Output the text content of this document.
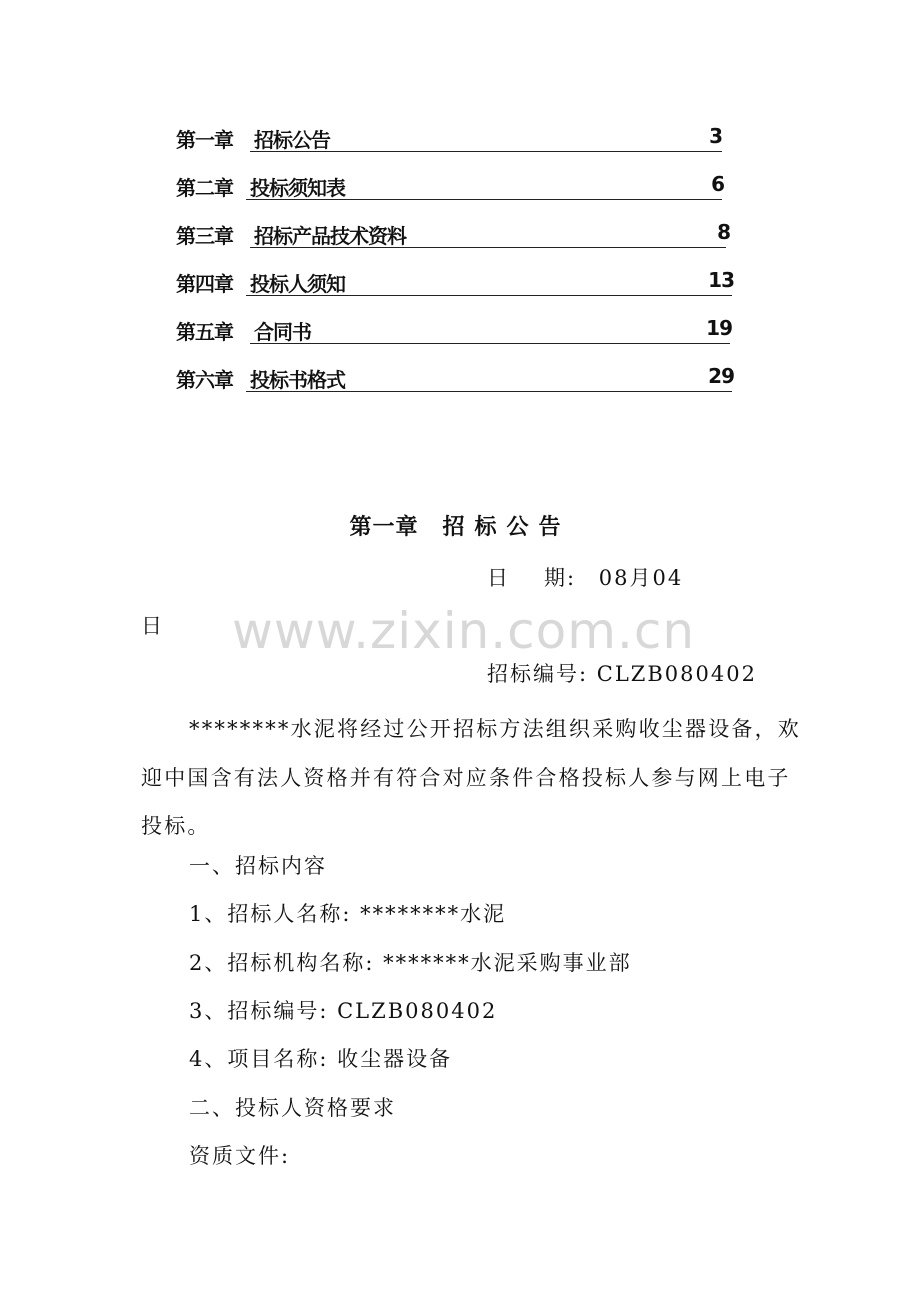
第一章 招标公告	3
第二章 投标须知表	6
第三章 招标产品技术资料	8
第四章 投标人须知	13
第五章 合同书	19
第六章 投标书格式	29
第一章 招标公告
www.zixin.com.cn
日 期: 08月04
日
招标编号: CLZB080402
********水泥将经过公开招标方法组织采购收尘器设备，欢迎中国含有法人资格并有符合对应条件合格投标人参与网上电子投标。
一、招标内容
1、招标人名称: ********水泥
2、招标机构名称: *******水泥采购事业部
3、招标编号: CLZB080402
4、项目名称: 收尘器设备
二、投标人资格要求
资质文件:
